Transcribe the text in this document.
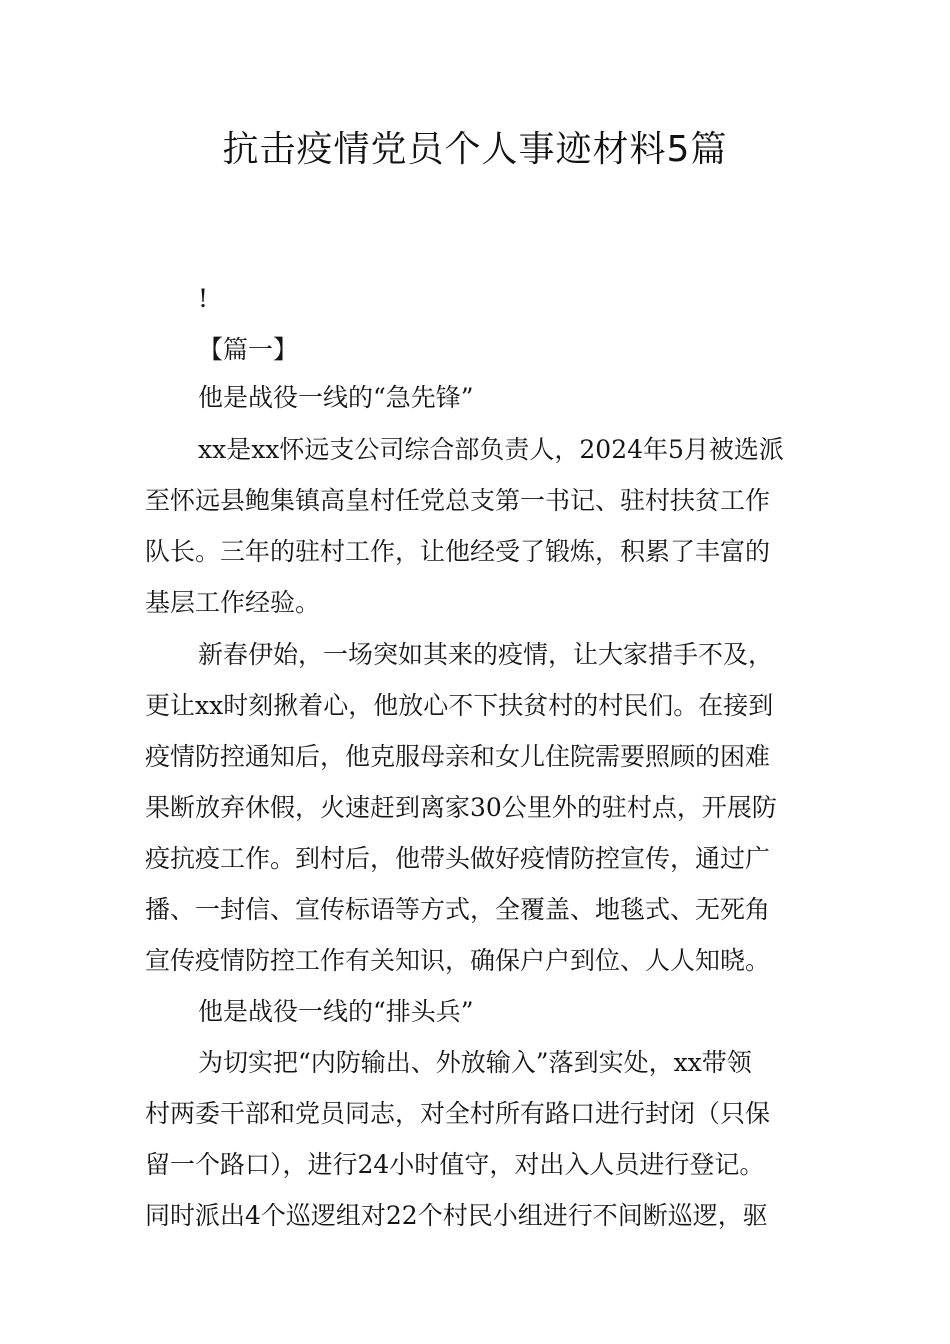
抗击疫情党员个人事迹材料5篇

!

【篇一】

他是战役一线的“急先锋”

xx是xx怀远支公司综合部负责人，2024年5月被选派

至怀远县鲍集镇高皇村任党总支第一书记、驻村扶贫工作

队长。三年的驻村工作，让他经受了锻炼，积累了丰富的

基层工作经验。

新春伊始，一场突如其来的疫情，让大家措手不及，

更让xx时刻揪着心，他放心不下扶贫村的村民们。在接到

疫情防控通知后，他克服母亲和女儿住院需要照顾的困难

果断放弃休假，火速赶到离家30公里外的驻村点，开展防

疫抗疫工作。到村后，他带头做好疫情防控宣传，通过广

播、一封信、宣传标语等方式，全覆盖、地毯式、无死角

宣传疫情防控工作有关知识，确保户户到位、人人知晓。

他是战役一线的“排头兵”

为切实把“内防输出、外放输入”落到实处，xx带领

村两委干部和党员同志，对全村所有路口进行封闭（只保

留一个路口），进行24小时值守，对出入人员进行登记。

同时派出4个巡逻组对22个村民小组进行不间断巡逻，驱
